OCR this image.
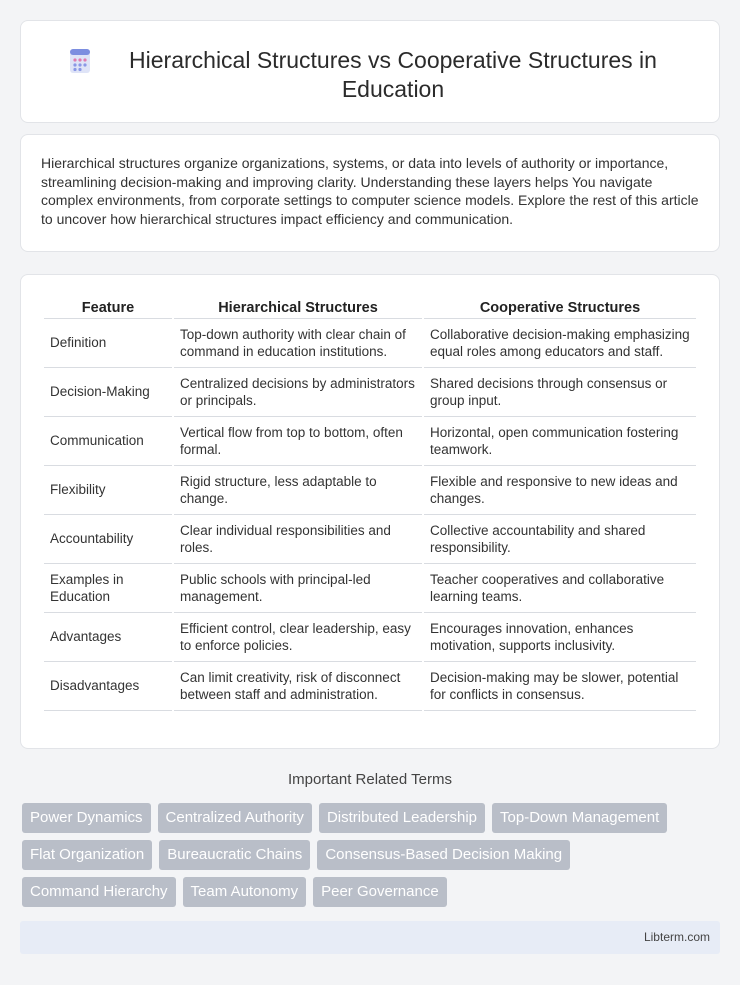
Hierarchical Structures vs Cooperative Structures in Education

Hierarchical structures organize organizations, systems, or data into levels of authority or importance, streamlining decision-making and improving clarity. Understanding these layers helps You navigate complex environments, from corporate settings to computer science models. Explore the rest of this article to uncover how hierarchical structures impact efficiency and communication.

Feature	Hierarchical Structures	Cooperative Structures
Definition	Top-down authority with clear chain of command in education institutions.	Collaborative decision-making emphasizing equal roles among educators and staff.
Decision-Making	Centralized decisions by administrators or principals.	Shared decisions through consensus or group input.
Communication	Vertical flow from top to bottom, often formal.	Horizontal, open communication fostering teamwork.
Flexibility	Rigid structure, less adaptable to change.	Flexible and responsive to new ideas and changes.
Accountability	Clear individual responsibilities and roles.	Collective accountability and shared responsibility.
Examples in Education	Public schools with principal-led management.	Teacher cooperatives and collaborative learning teams.
Advantages	Efficient control, clear leadership, easy to enforce policies.	Encourages innovation, enhances motivation, supports inclusivity.
Disadvantages	Can limit creativity, risk of disconnect between staff and administration.	Decision-making may be slower, potential for conflicts in consensus.
Important Related Terms
Power Dynamics	Centralized Authority	Distributed Leadership	Top-Down Management
Flat Organization	Bureaucratic Chains	Consensus-Based Decision Making
Command Hierarchy	Team Autonomy	Peer Governance
Libterm.com
